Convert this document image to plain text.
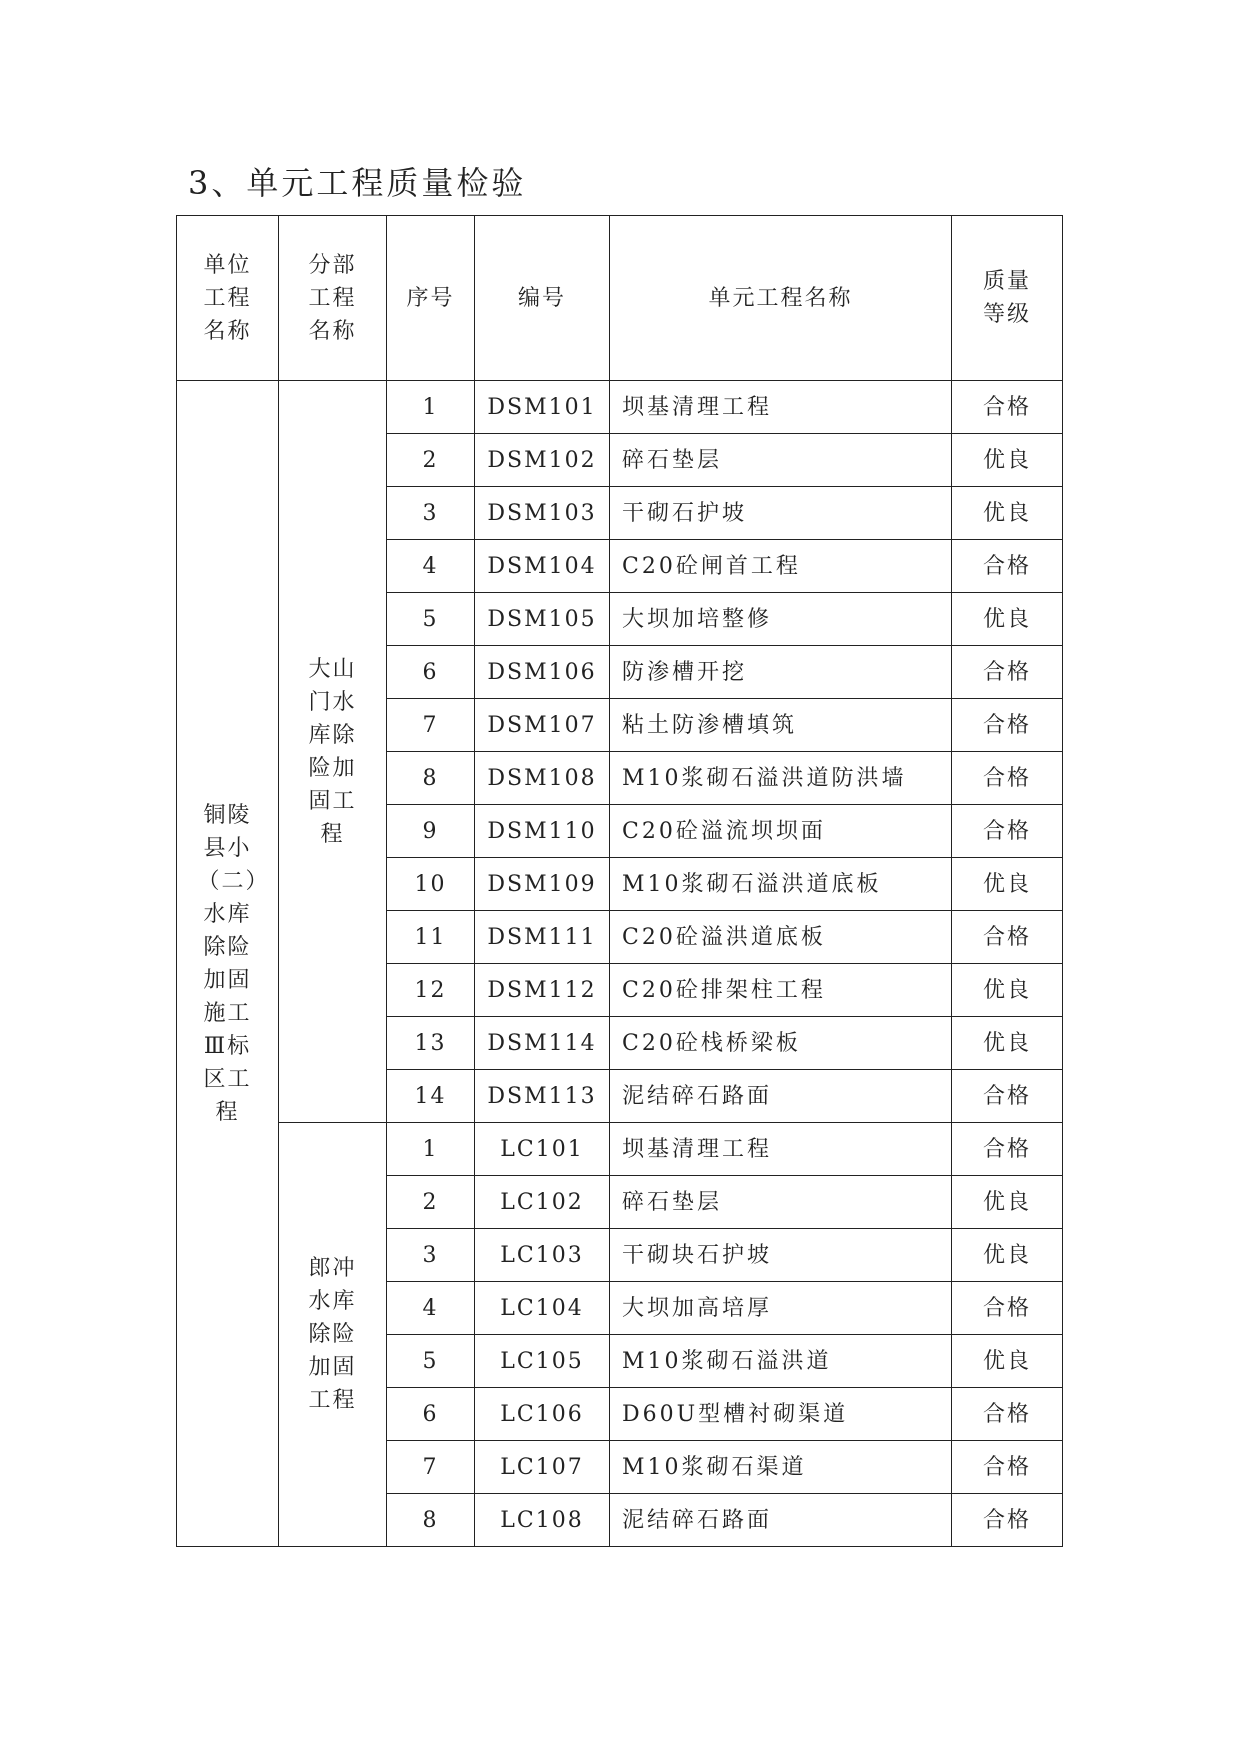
3、单元工程质量检验
单位工程名称	分部工程名称	序号	编号	单元工程名称	质量等级
铜陵县小（二）水库除险加固施工Ⅲ标区工程	大山门水库除险加固工程	1	DSM101	坝基清理工程	合格
		2	DSM102	碎石垫层	优良
		3	DSM103	干砌石护坡	优良
		4	DSM104	C20砼闸首工程	合格
		5	DSM105	大坝加培整修	优良
		6	DSM106	防渗槽开挖	合格
		7	DSM107	粘土防渗槽填筑	合格
		8	DSM108	M10浆砌石溢洪道防洪墙	合格
		9	DSM110	C20砼溢流坝坝面	合格
		10	DSM109	M10浆砌石溢洪道底板	优良
		11	DSM111	C20砼溢洪道底板	合格
		12	DSM112	C20砼排架柱工程	优良
		13	DSM114	C20砼栈桥梁板	优良
		14	DSM113	泥结碎石路面	合格
	郎冲水库除险加固工程	1	LC101	坝基清理工程	合格
		2	LC102	碎石垫层	优良
		3	LC103	干砌块石护坡	优良
		4	LC104	大坝加高培厚	合格
		5	LC105	M10浆砌石溢洪道	优良
		6	LC106	D60U型槽衬砌渠道	合格
		7	LC107	M10浆砌石渠道	合格
		8	LC108	泥结碎石路面	合格
